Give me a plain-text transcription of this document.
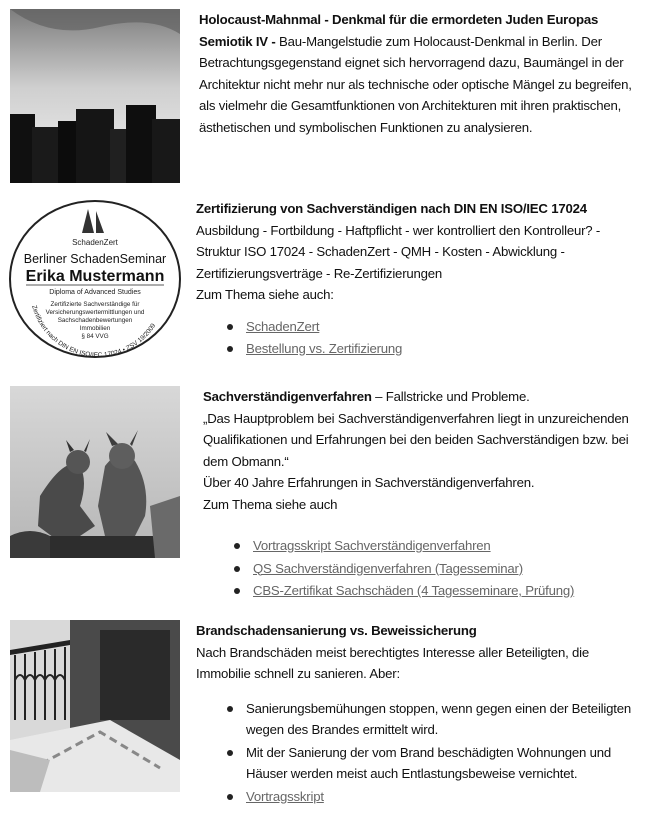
Holocaust-Mahnmal - Denkmal für die ermordeten Juden Europas

Semiotik IV - Bau-Mangelstudie zum Holocaust-Denkmal in Berlin. Der Betrachtungsgegenstand eignet sich hervorragend dazu, Baumängel in der Architektur nicht mehr nur als technische oder optische Mängel zu begreifen, als vielmehr die Gesamtfunktionen von Architekturen mit ihren praktischen, ästhetischen und symbolischen Funktionen zu analysieren.

SchadenZert
Berliner SchadenSeminar
Erika Mustermann
Diploma of Advanced Studies
Zertifizierte Sachverständige für
Versicherungswertermittlungen und
Sachschadenbewertungen
Immobilien
§ 84 VVG
Zertifiziert nach DIN EN ISO/IEC 17024 • ZSV 19/2009

Zertifizierung von Sachverständigen nach DIN EN ISO/IEC 17024

Ausbildung - Fortbildung - Haftpflicht - wer kontrolliert den Kontrolleur? - Struktur ISO 17024 - SchadenZert - QMH - Kosten - Abwicklung - Zertifizierungsverträge - Re-Zertifizierungen

Zum Thema siehe auch:

SchadenZert
Bestellung vs. Zertifizierung

Sachverständigenverfahren – Fallstricke und Probleme.

„Das Hauptproblem bei Sachverständigenverfahren liegt in unzureichenden Qualifikationen und Erfahrungen bei den beiden Sachverständigen bzw. bei dem Obmann.“

Über 40 Jahre Erfahrungen in Sachverständigenverfahren.

Zum Thema siehe auch

Vortragsskript Sachverständigenverfahren
QS Sachverständigenverfahren (Tagesseminar)
CBS-Zertifikat Sachschäden (4 Tagesseminare, Prüfung)

Brandschadensanierung vs. Beweissicherung

Nach Brandschäden meist berechtigtes Interesse aller Beteiligten, die Immobilie schnell zu sanieren. Aber:

Sanierungsbemühungen stoppen, wenn gegen einen der Beteiligten wegen des Brandes ermittelt wird.
Mit der Sanierung der vom Brand beschädigten Wohnungen und Häuser werden meist auch Entlastungsbeweise vernichtet.
Vortragsskript
